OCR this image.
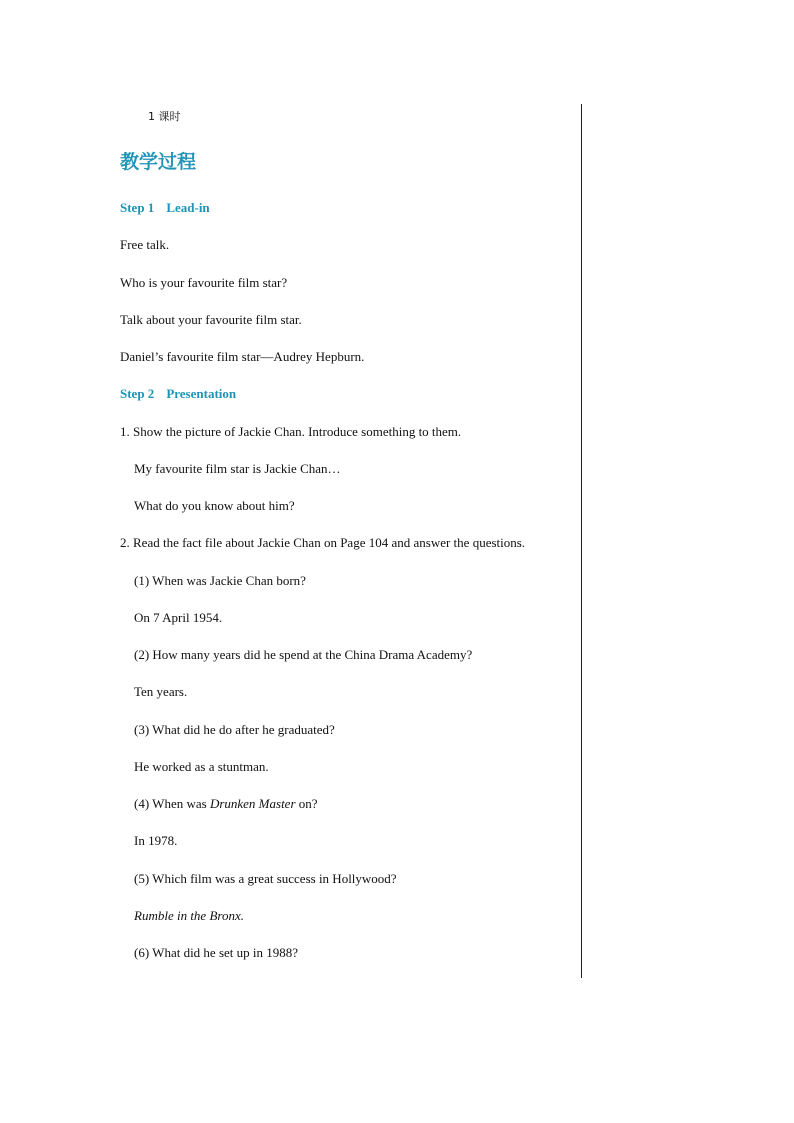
1 课时
教学过程
Step 1 Lead-in
Free talk.
Who is your favourite film star?
Talk about your favourite film star.
Daniel’s favourite film star—Audrey Hepburn.
Step 2 Presentation
1. Show the picture of Jackie Chan. Introduce something to them.
My favourite film star is Jackie Chan…
What do you know about him?
2. Read the fact file about Jackie Chan on Page 104 and answer the questions.
(1) When was Jackie Chan born?
On 7 April 1954.
(2) How many years did he spend at the China Drama Academy?
Ten years.
(3) What did he do after he graduated?
He worked as a stuntman.
(4) When was Drunken Master on?
In 1978.
(5) Which film was a great success in Hollywood?
Rumble in the Bronx.
(6) What did he set up in 1988?
